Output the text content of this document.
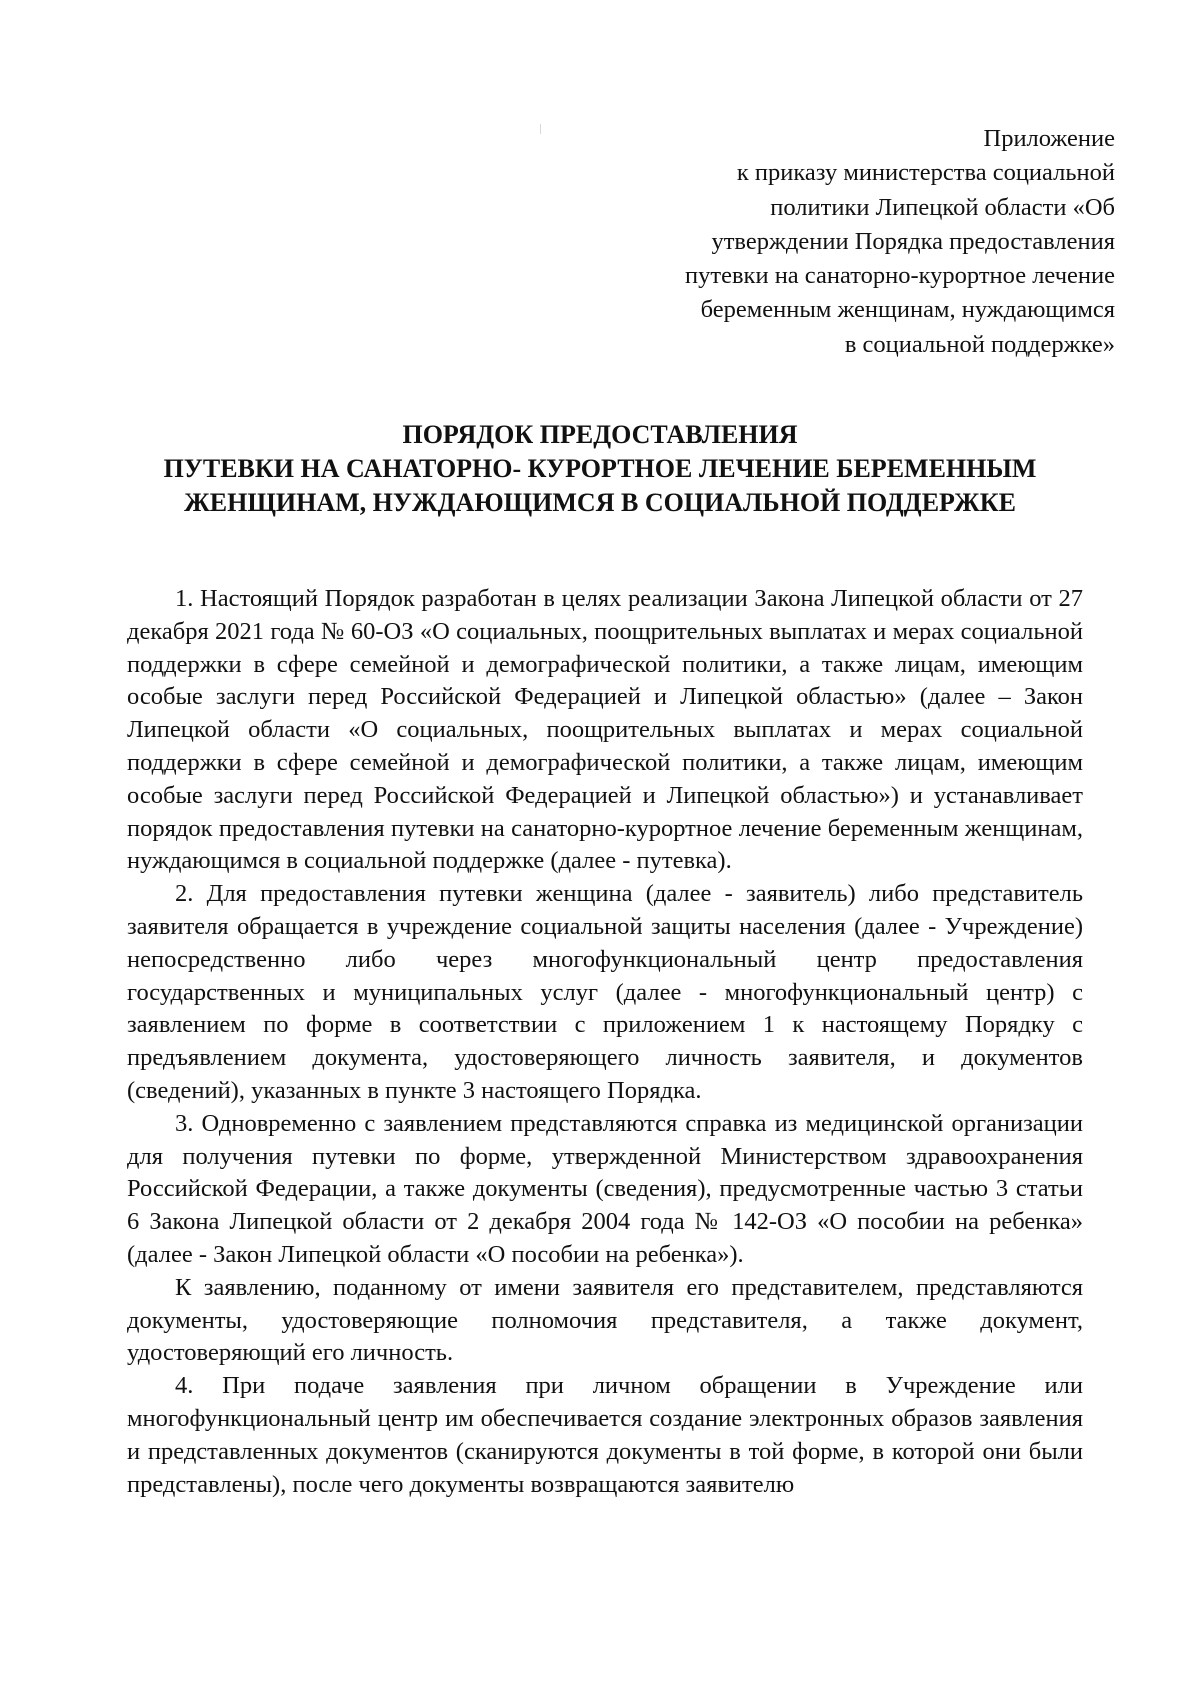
Приложение
к приказу министерства социальной
политики Липецкой области «Об
утверждении Порядка предоставления
путевки на санаторно-курортное лечение
беременным женщинам, нуждающимся
в социальной поддержке»
ПОРЯДОК ПРЕДОСТАВЛЕНИЯ
ПУТЕВКИ НА САНАТОРНО- КУРОРТНОЕ ЛЕЧЕНИЕ БЕРЕМЕННЫМ
ЖЕНЩИНАМ, НУЖДАЮЩИМСЯ В СОЦИАЛЬНОЙ ПОДДЕРЖКЕ

1. Настоящий Порядок разработан в целях реализации Закона Липецкой области от 27 декабря 2021 года № 60-ОЗ «О социальных, поощрительных выплатах и мерах социальной поддержки в сфере семейной и демографической политики, а также лицам, имеющим особые заслуги перед Российской Федерацией и Липецкой областью» (далее – Закон Липецкой области «О социальных, поощрительных выплатах и мерах социальной поддержки в сфере семейной и демографической политики, а также лицам, имеющим особые заслуги перед Российской Федерацией и Липецкой областью») и устанавливает порядок предоставления путевки на санаторно-курортное лечение беременным женщинам, нуждающимся в социальной поддержке (далее - путевка).

2. Для предоставления путевки женщина (далее - заявитель) либо представитель заявителя обращается в учреждение социальной защиты населения (далее - Учреждение) непосредственно либо через многофункциональный центр предоставления государственных и муниципальных услуг (далее - многофункциональный центр) с заявлением по форме в соответствии с приложением 1 к настоящему Порядку с предъявлением документа, удостоверяющего личность заявителя, и документов (сведений), указанных в пункте 3 настоящего Порядка.

3. Одновременно с заявлением представляются справка из медицинской организации для получения путевки по форме, утвержденной Министерством здравоохранения Российской Федерации, а также документы (сведения), предусмотренные частью 3 статьи 6 Закона Липецкой области от 2 декабря 2004 года № 142-ОЗ «О пособии на ребенка» (далее - Закон Липецкой области «О пособии на ребенка»).

К заявлению, поданному от имени заявителя его представителем, представляются документы, удостоверяющие полномочия представителя, а также документ, удостоверяющий его личность.

4. При подаче заявления при личном обращении в Учреждение или многофункциональный центр им обеспечивается создание электронных образов заявления и представленных документов (сканируются документы в той форме, в которой они были представлены), после чего документы возвращаются заявителю
